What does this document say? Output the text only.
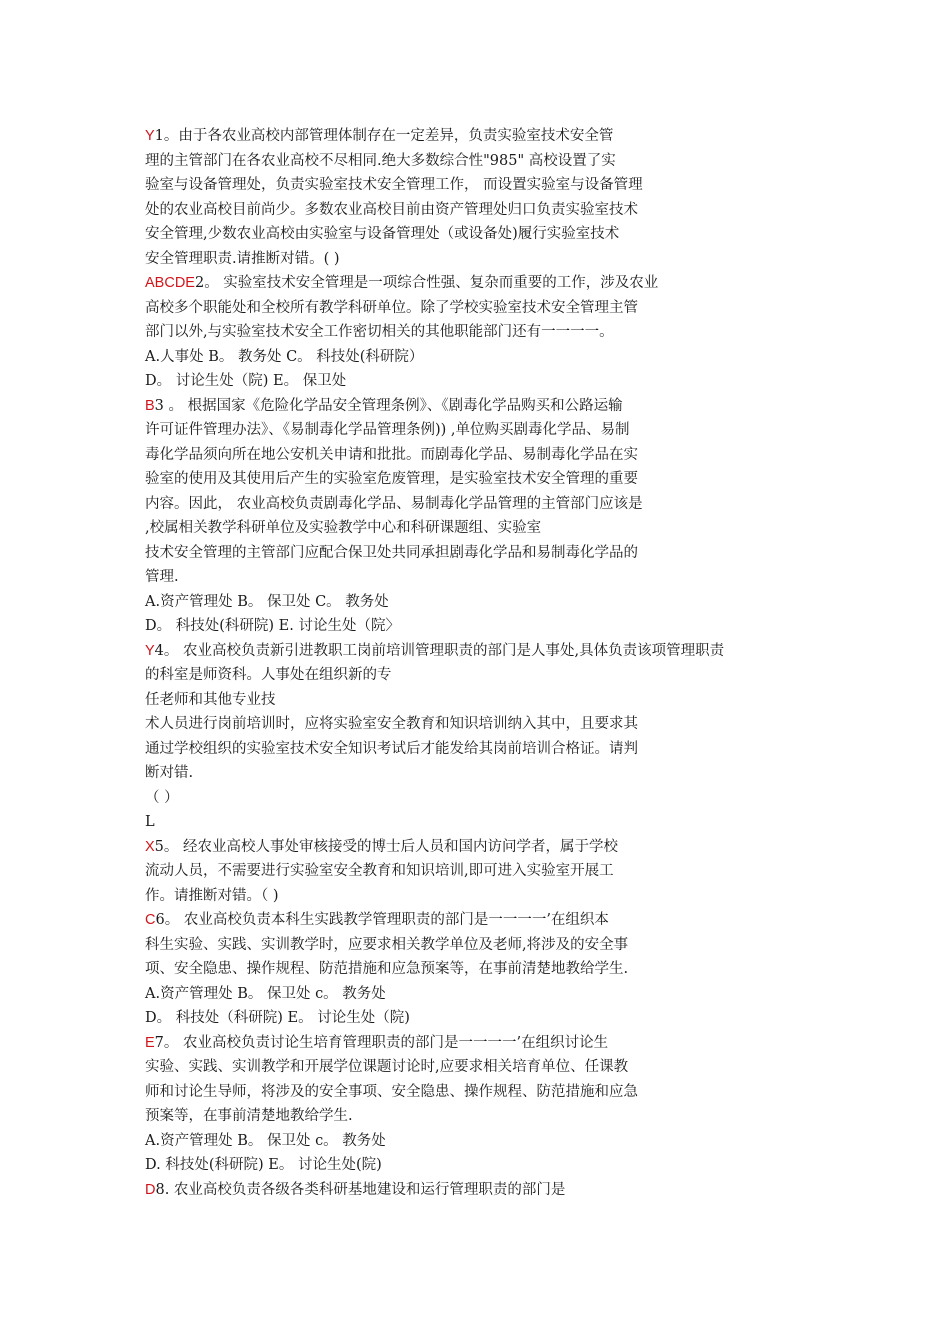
Y1。由于各农业高校内部管理体制存在一定差异，负责实验室技术安全管
理的主管部门在各农业高校不尽相同.绝大多数综合性"985" 高校设置了实
验室与设备管理处，负责实验室技术安全管理工作， 而设置实验室与设备管理
处的农业高校目前尚少。多数农业高校目前由资产管理处归口负责实验室技术
安全管理,少数农业高校由实验室与设备管理处（或设备处)履行实验室技术
安全管理职责.请推断对错。( )
ABCDE2。 实验室技术安全管理是一项综合性强、复杂而重要的工作，涉及农业
高校多个职能处和全校所有教学科研单位。除了学校实验室技术安全管理主管
部门以外,与实验室技术安全工作密切相关的其他职能部门还有一一一一。
A.人事处 B。 教务处 C。 科技处(科研院）
D。 讨论生处（院) E。 保卫处
B3 。 根据国家《危险化学品安全管理条例》、《剧毒化学品购买和公路运输
许可证件管理办法》、《易制毒化学品管理条例)) ,单位购买剧毒化学品、易制
毒化学品须向所在地公安机关申请和批批。而剧毒化学品、易制毒化学品在实
验室的使用及其使用后产生的实验室危废管理，是实验室技术安全管理的重要
内容。因此， 农业高校负责剧毒化学品、易制毒化学品管理的主管部门应该是
,校属相关教学科研单位及实验教学中心和科研课题组、实验室
技术安全管理的主管部门应配合保卫处共同承担剧毒化学品和易制毒化学品的
管理.
A.资产管理处 B。 保卫处 C。 教务处
D。 科技处(科研院) E. 讨论生处（院〉
Y4。 农业高校负责新引进教职工岗前培训管理职责的部门是人事处,具体负责该项管理职责
的科室是师资科。人事处在组织新的专
任老师和其他专业技
术人员进行岗前培训时，应将实验室安全教育和知识培训纳入其中，且要求其
通过学校组织的实验室技术安全知识考试后才能发给其岗前培训合格证。请判
断对错.
（ ）
L
X5。 经农业高校人事处审核接受的博士后人员和国内访问学者，属于学校
流动人员，不需要进行实验室安全教育和知识培训,即可进入实验室开展工
作。请推断对错。（ )
C6。 农业高校负责本科生实践教学管理职责的部门是一一一一’在组织本
科生实验、实践、实训教学时，应要求相关教学单位及老师,将涉及的安全事
项、安全隐患、操作规程、防范措施和应急预案等，在事前清楚地教给学生.
A.资产管理处 B。 保卫处 c。 教务处
D。 科技处（科研院) E。 讨论生处（院)
E7。 农业高校负责讨论生培育管理职责的部门是一一一一’在组织讨论生
实验、实践、实训教学和开展学位课题讨论时,应要求相关培育单位、任课教
师和讨论生导师，将涉及的安全事项、安全隐患、操作规程、防范措施和应急
预案等，在事前清楚地教给学生.
A.资产管理处 B。 保卫处 c。 教务处
D. 科技处(科研院) E。 讨论生处(院)
D8. 农业高校负责各级各类科研基地建设和运行管理职责的部门是
